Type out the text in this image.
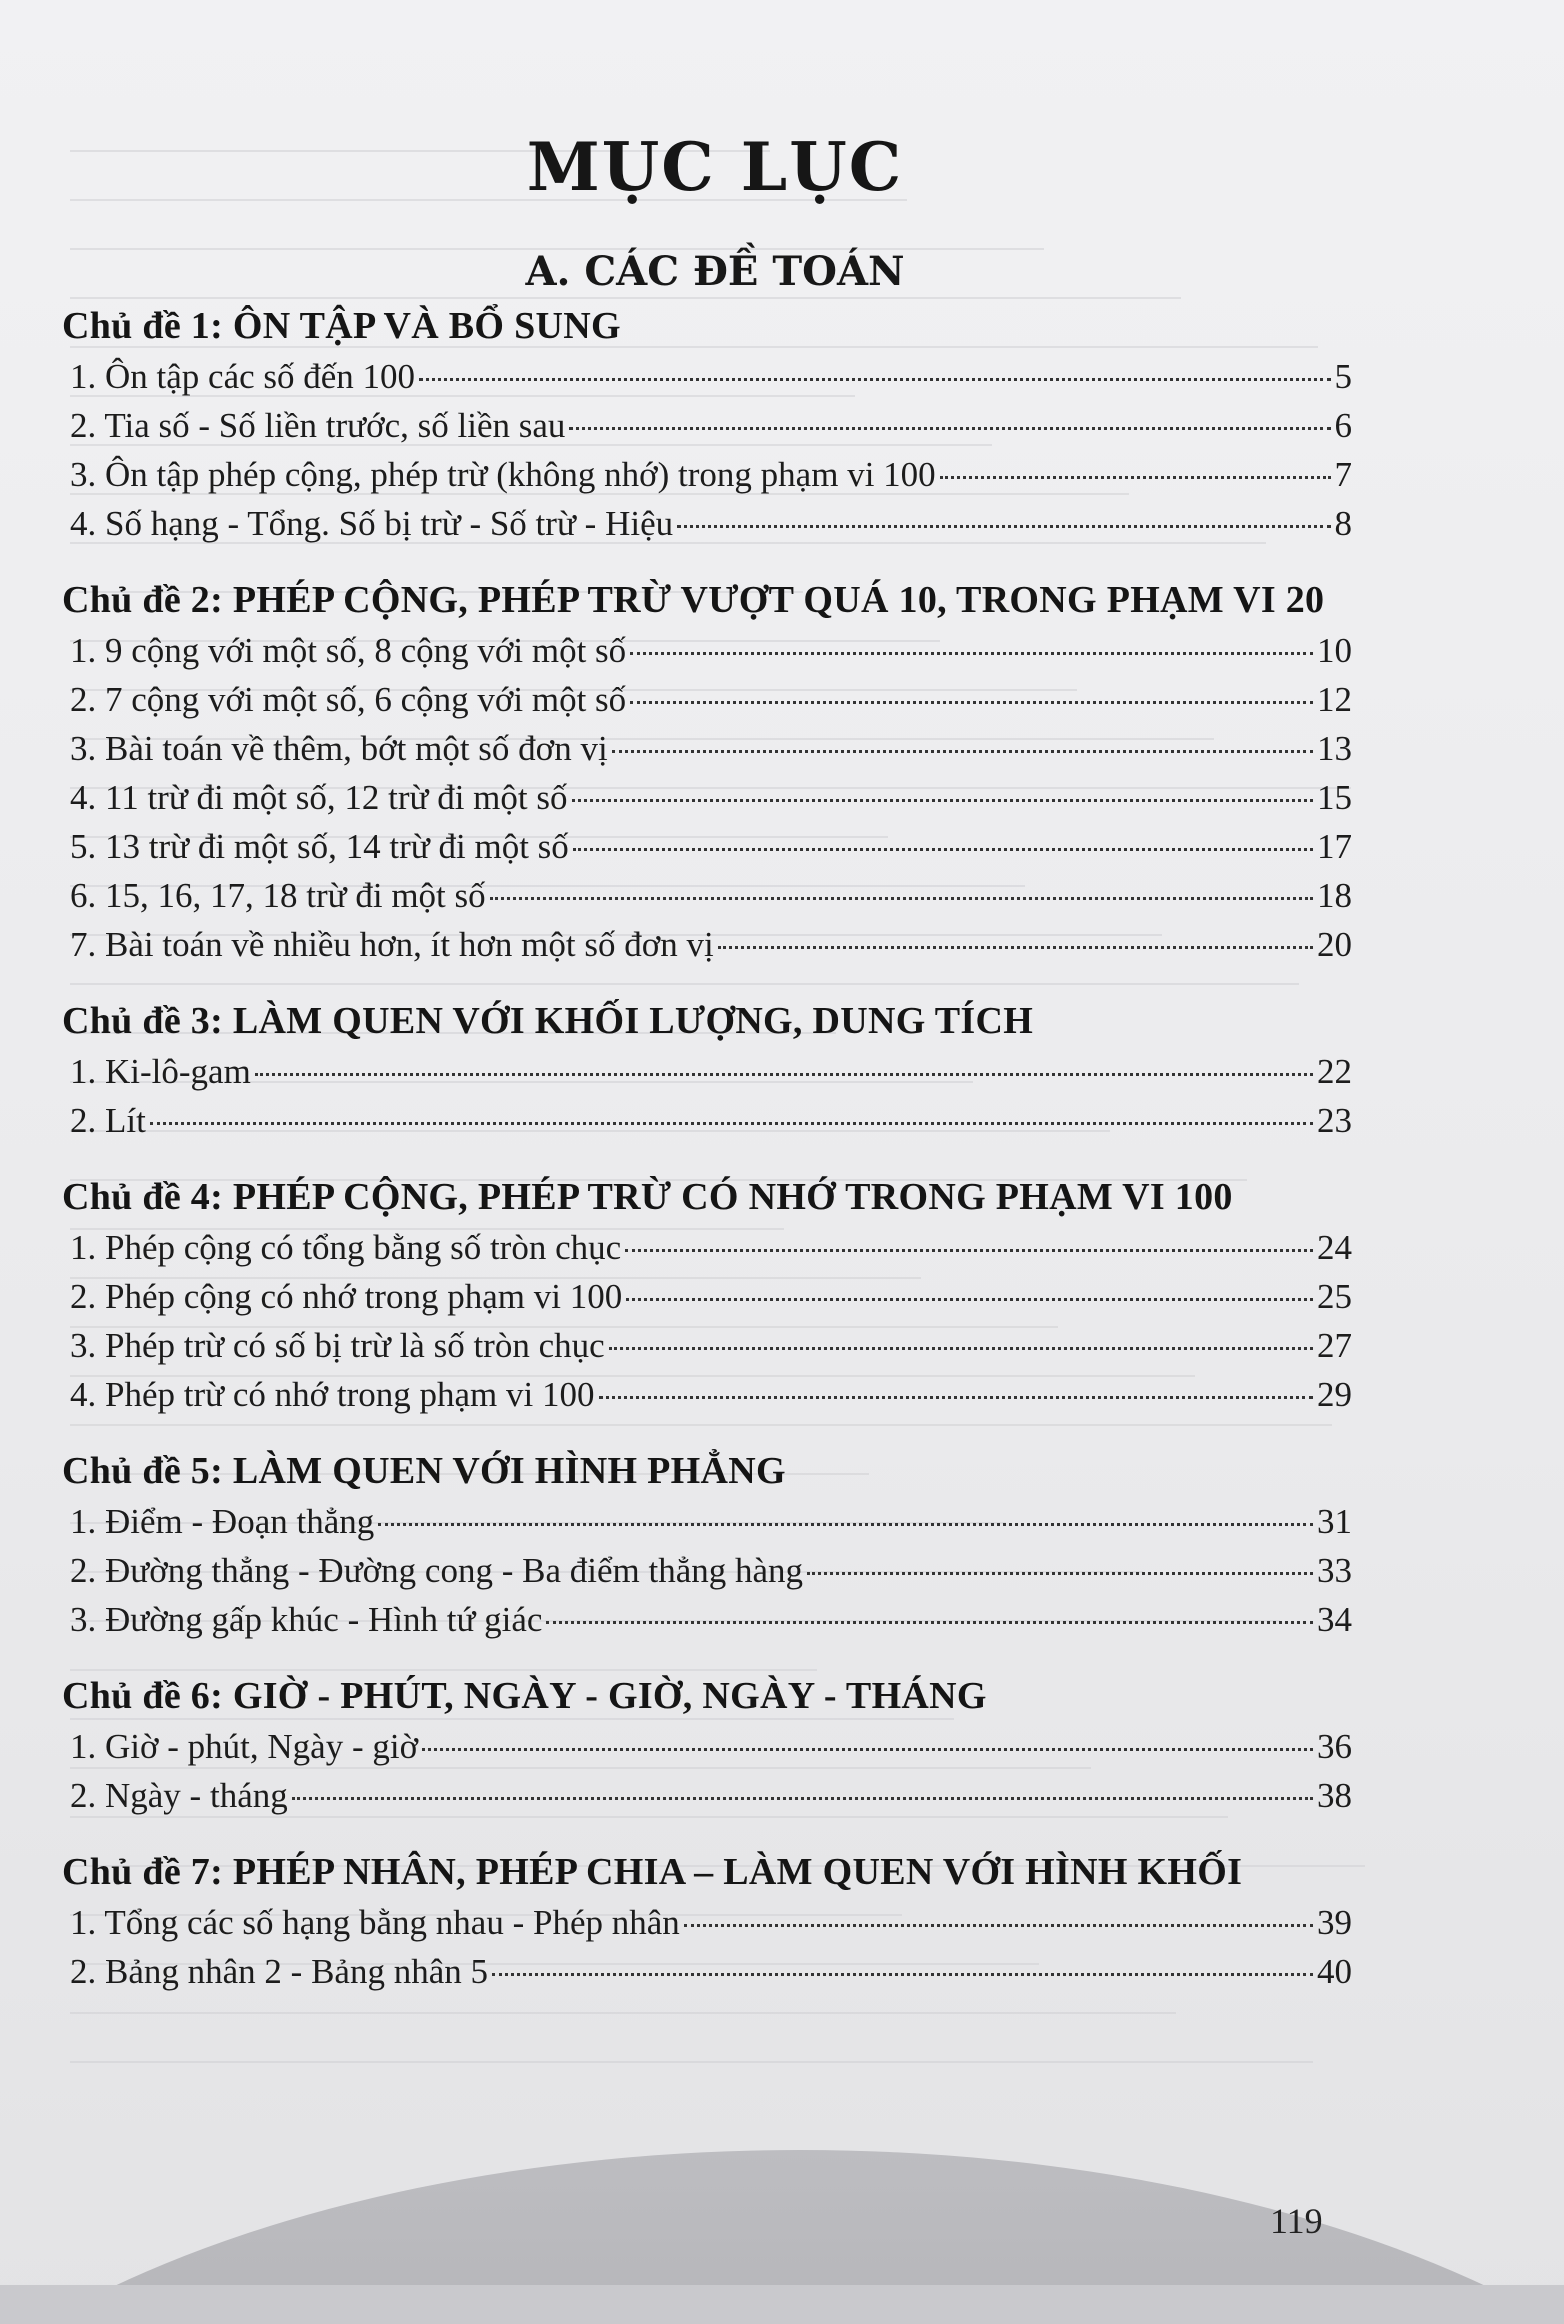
MỤC LỤC
A. CÁC ĐỀ TOÁN
Chủ đề 1: ÔN TẬP VÀ BỔ SUNG
1. Ôn tập các số đến 100	5
2. Tia số - Số liền trước, số liền sau	6
3. Ôn tập phép cộng, phép trừ (không nhớ) trong phạm vi 100	7
4. Số hạng - Tổng. Số bị trừ - Số trừ - Hiệu	8
Chủ đề 2: PHÉP CỘNG, PHÉP TRỪ VƯỢT QUÁ 10, TRONG PHẠM VI 20
1. 9 cộng với một số, 8 cộng với một số	10
2. 7 cộng với một số, 6 cộng với một số	12
3. Bài toán về thêm, bớt một số đơn vị	13
4. 11 trừ đi một số, 12 trừ đi một số	15
5. 13 trừ đi một số, 14 trừ đi một số	17
6. 15, 16, 17, 18 trừ đi một số	18
7. Bài toán về nhiều hơn, ít hơn một số đơn vị	20
Chủ đề 3: LÀM QUEN VỚI KHỐI LƯỢNG, DUNG TÍCH
1. Ki-lô-gam	22
2. Lít	23
Chủ đề 4: PHÉP CỘNG, PHÉP TRỪ CÓ NHỚ TRONG PHẠM VI 100
1. Phép cộng có tổng bằng số tròn chục	24
2. Phép cộng có nhớ trong phạm vi 100	25
3. Phép trừ có số bị trừ là số tròn chục	27
4. Phép trừ có nhớ trong phạm vi 100	29
Chủ đề 5: LÀM QUEN VỚI HÌNH PHẲNG
1. Điểm - Đoạn thẳng	31
2. Đường thẳng - Đường cong - Ba điểm thẳng hàng	33
3. Đường gấp khúc - Hình tứ giác	34
Chủ đề 6: GIỜ - PHÚT, NGÀY - GIỜ, NGÀY - THÁNG
1. Giờ - phút, Ngày - giờ	36
2. Ngày - tháng	38
Chủ đề 7: PHÉP NHÂN, PHÉP CHIA – LÀM QUEN VỚI HÌNH KHỐI
1. Tổng các số hạng bằng nhau - Phép nhân	39
2. Bảng nhân 2 - Bảng nhân 5	40
119
